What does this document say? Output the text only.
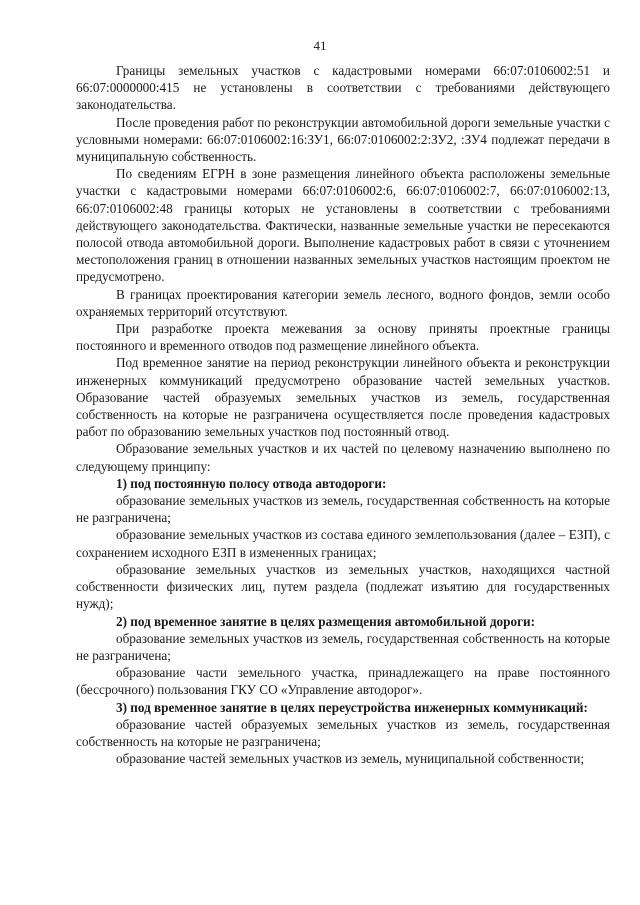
41

Границы земельных участков с кадастровыми номерами 66:07:0106002:51 и 66:07:0000000:415 не установлены в соответствии с требованиями действующего законодательства.

После проведения работ по реконструкции автомобильной дороги земельные участки с условными номерами: 66:07:0106002:16:ЗУ1, 66:07:0106002:2:ЗУ2, :ЗУ4 подлежат передачи в муниципальную собственность.

По сведениям ЕГРН в зоне размещения линейного объекта расположены земельные участки с кадастровыми номерами 66:07:0106002:6, 66:07:0106002:7, 66:07:0106002:13, 66:07:0106002:48 границы которых не установлены в соответствии с требованиями действующего законодательства. Фактически, названные земельные участки не пересекаются полосой отвода автомобильной дороги. Выполнение кадастровых работ в связи с уточнением местоположения границ в отношении названных земельных участков настоящим проектом не предусмотрено.

В границах проектирования категории земель лесного, водного фондов, земли особо охраняемых территорий отсутствуют.

При разработке проекта межевания за основу приняты проектные границы постоянного и временного отводов под размещение линейного объекта.

Под временное занятие на период реконструкции линейного объекта и реконструкции инженерных коммуникаций предусмотрено образование частей земельных участков. Образование частей образуемых земельных участков из земель, государственная собственность на которые не разграничена осуществляется после проведения кадастровых работ по образованию земельных участков под постоянный отвод.

Образование земельных участков и их частей по целевому назначению выполнено по следующему принципу:

1) под постоянную полосу отвода автодороги:

образование земельных участков из земель, государственная собственность на которые не разграничена;

образование земельных участков из состава единого землепользования (далее – ЕЗП), с сохранением исходного ЕЗП в измененных границах;

образование земельных участков из земельных участков, находящихся частной собственности физических лиц, путем раздела (подлежат изъятию для государственных нужд);

2) под временное занятие в целях размещения автомобильной дороги:

образование земельных участков из земель, государственная собственность на которые не разграничена;

образование части земельного участка, принадлежащего на праве постоянного (бессрочного) пользования ГКУ СО «Управление автодорог».

3) под временное занятие в целях переустройства инженерных коммуникаций:

образование частей образуемых земельных участков из земель, государственная собственность на которые не разграничена;

образование частей земельных участков из земель, муниципальной собственности;
